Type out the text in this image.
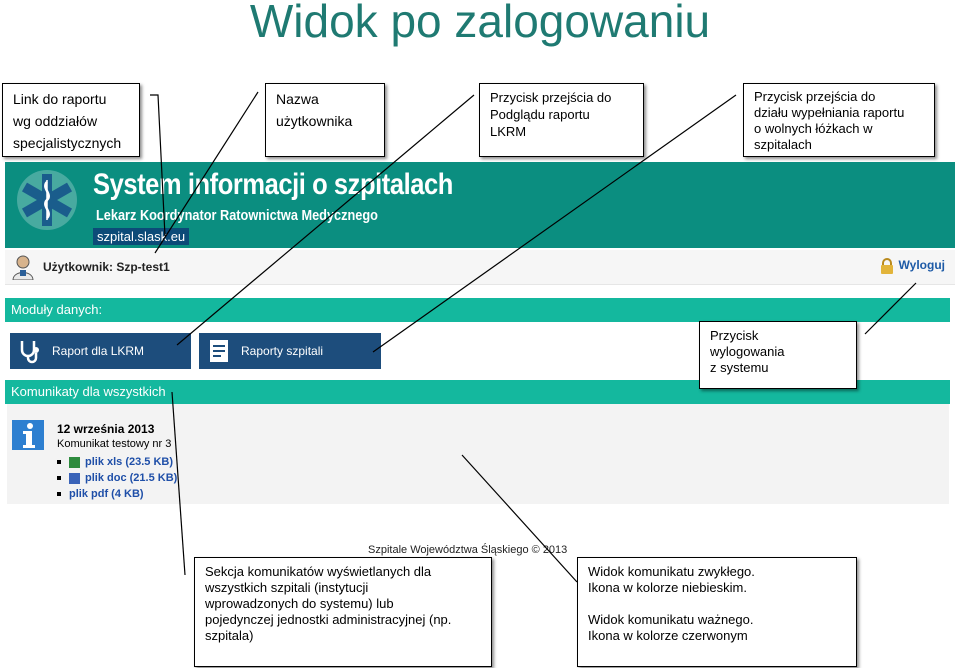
Widok po zalogowaniu
System informacji o szpitalach
Lekarz Koordynator Ratownictwa Medycznego
szpital.slask.eu
Użytkownik: Szp-test1	Wyloguj
Moduły danych:
Raport dla LKRM	Raporty szpitali
Komunikaty dla wszystkich
12 września 2013
Komunikat testowy nr 3
plik xls (23.5 KB)
plik doc (21.5 KB)
plik pdf (4 KB)
Szpitale Województwa Śląskiego © 2013
Link do raportu
wg oddziałów
specjalistycznych
Nazwa
użytkownika
Przycisk przejścia do
Podglądu raportu
LKRM
Przycisk przejścia do
działu wypełniania raportu
o wolnych łóżkach w
szpitalach
Przycisk
wylogowania
z systemu
Sekcja komunikatów wyświetlanych dla
wszystkich szpitali (instytucji
wprowadzonych do systemu) lub
pojedynczej jednostki administracyjnej (np.
szpitala)
Widok komunikatu zwykłego.
Ikona w kolorze niebieskim.
Widok komunikatu ważnego.
Ikona w kolorze czerwonym
